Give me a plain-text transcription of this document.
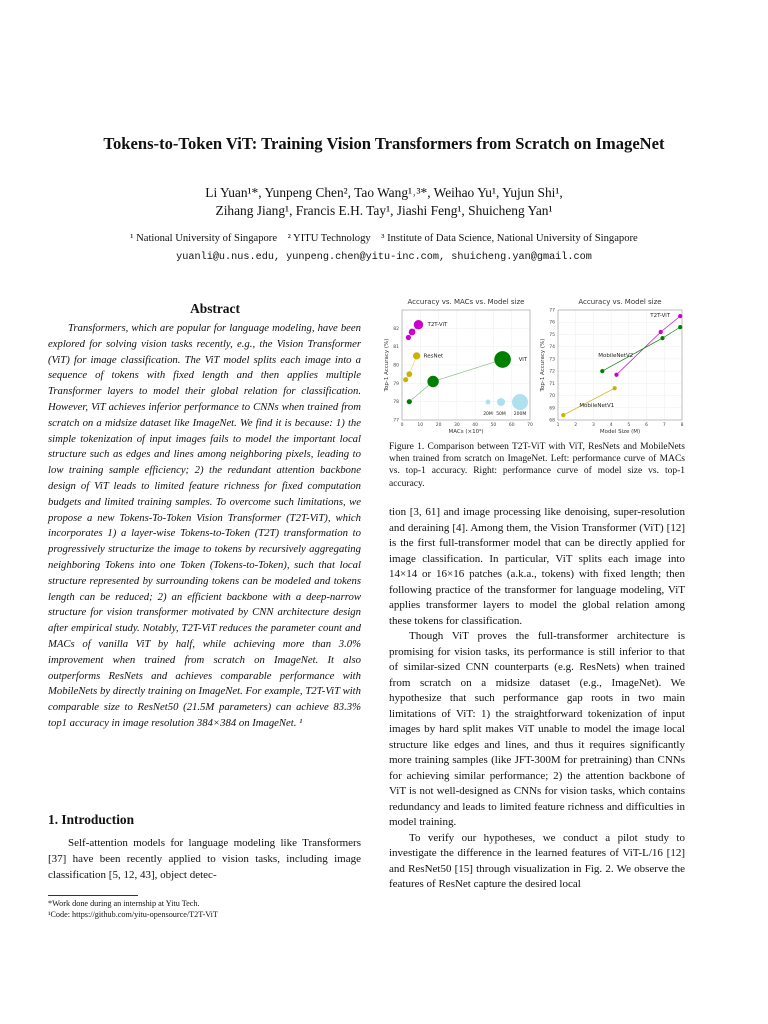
Tokens-to-Token ViT: Training Vision Transformers from Scratch on ImageNet
Li Yuan¹*, Yunpeng Chen², Tao Wang¹˒³*, Weihao Yu¹, Yujun Shi¹,
Zihang Jiang¹, Francis E.H. Tay¹, Jiashi Feng¹, Shuicheng Yan¹
¹ National University of Singapore    ² YITU Technology    ³ Institute of Data Science, National University of Singapore
yuanli@u.nus.edu, yunpeng.chen@yitu-inc.com, shuicheng.yan@gmail.com
Abstract

Transformers, which are popular for language modeling, have been explored for solving vision tasks recently, e.g., the Vision Transformer (ViT) for image classification. The ViT model splits each image into a sequence of tokens with fixed length and then applies multiple Transformer layers to model their global relation for classification. However, ViT achieves inferior performance to CNNs when trained from scratch on a midsize dataset like ImageNet. We find it is because: 1) the simple tokenization of input images fails to model the important local structure such as edges and lines among neighboring pixels, leading to low training sample efficiency; 2) the redundant attention backbone design of ViT leads to limited feature richness for fixed computation budgets and limited training samples. To overcome such limitations, we propose a new Tokens-To-Token Vision Transformer (T2T-ViT), which incorporates 1) a layer-wise Tokens-to-Token (T2T) transformation to progressively structurize the image to tokens by recursively aggregating neighboring Tokens into one Token (Tokens-to-Token), such that local structure represented by surrounding tokens can be modeled and tokens length can be reduced; 2) an efficient backbone with a deep-narrow structure for vision transformer motivated by CNN architecture design after empirical study. Notably, T2T-ViT reduces the parameter count and MACs of vanilla ViT by half, while achieving more than 3.0% improvement when trained from scratch on ImageNet. It also outperforms ResNets and achieves comparable performance with MobileNets by directly training on ImageNet. For example, T2T-ViT with comparable size to ResNet50 (21.5M parameters) can achieve 83.3% top1 accuracy in image resolution 384×384 on ImageNet. ¹

1. Introduction

Self-attention models for language modeling like Transformers [37] have been recently applied to vision tasks, including image classification [5, 12, 43], object detec-

*Work done during an internship at Yitu Tech.
¹Code: https://github.com/yitu-opensource/T2T-ViT
Accuracy vs. MACs vs. Model size
0	10	20	30	40	50	60	70
77
78
79
80
81
82
MACs (×10⁹)
Top-1 Accuracy (%)
T2T-ViT
ResNet
ViT
20M 50M 200M
Accuracy vs. Model size
1	2	3	4	5	6	7	8
68
69
70
71
72
73
74
75
76
77
Model Size (M)
Top-1 Accuracy (%)
T2T-ViT
MobileNetV2
MobileNetV1
Figure 1. Comparison between T2T-ViT with ViT, ResNets and MobileNets when trained from scratch on ImageNet. Left: performance curve of MACs vs. top-1 accuracy. Right: performance curve of model size vs. top-1 accuracy.

tion [3, 61] and image processing like denoising, super-resolution and deraining [4]. Among them, the Vision Transformer (ViT) [12] is the first full-transformer model that can be directly applied for image classification. In particular, ViT splits each image into 14×14 or 16×16 patches (a.k.a., tokens) with fixed length; then following practice of the transformer for language modeling, ViT applies transformer layers to model the global relation among these tokens for classification.

Though ViT proves the full-transformer architecture is promising for vision tasks, its performance is still inferior to that of similar-sized CNN counterparts (e.g. ResNets) when trained from scratch on a midsize dataset (e.g., ImageNet). We hypothesize that such performance gap roots in two main limitations of ViT: 1) the straightforward tokenization of input images by hard split makes ViT unable to model the image local structure like edges and lines, and thus it requires significantly more training samples (like JFT-300M for pretraining) than CNNs for achieving similar performance; 2) the attention backbone of ViT is not well-designed as CNNs for vision tasks, which contains redundancy and leads to limited feature richness and difficulties in model training.

To verify our hypotheses, we conduct a pilot study to investigate the difference in the learned features of ViT-L/16 [12] and ResNet50 [15] through visualization in Fig. 2. We observe the features of ResNet capture the desired local
